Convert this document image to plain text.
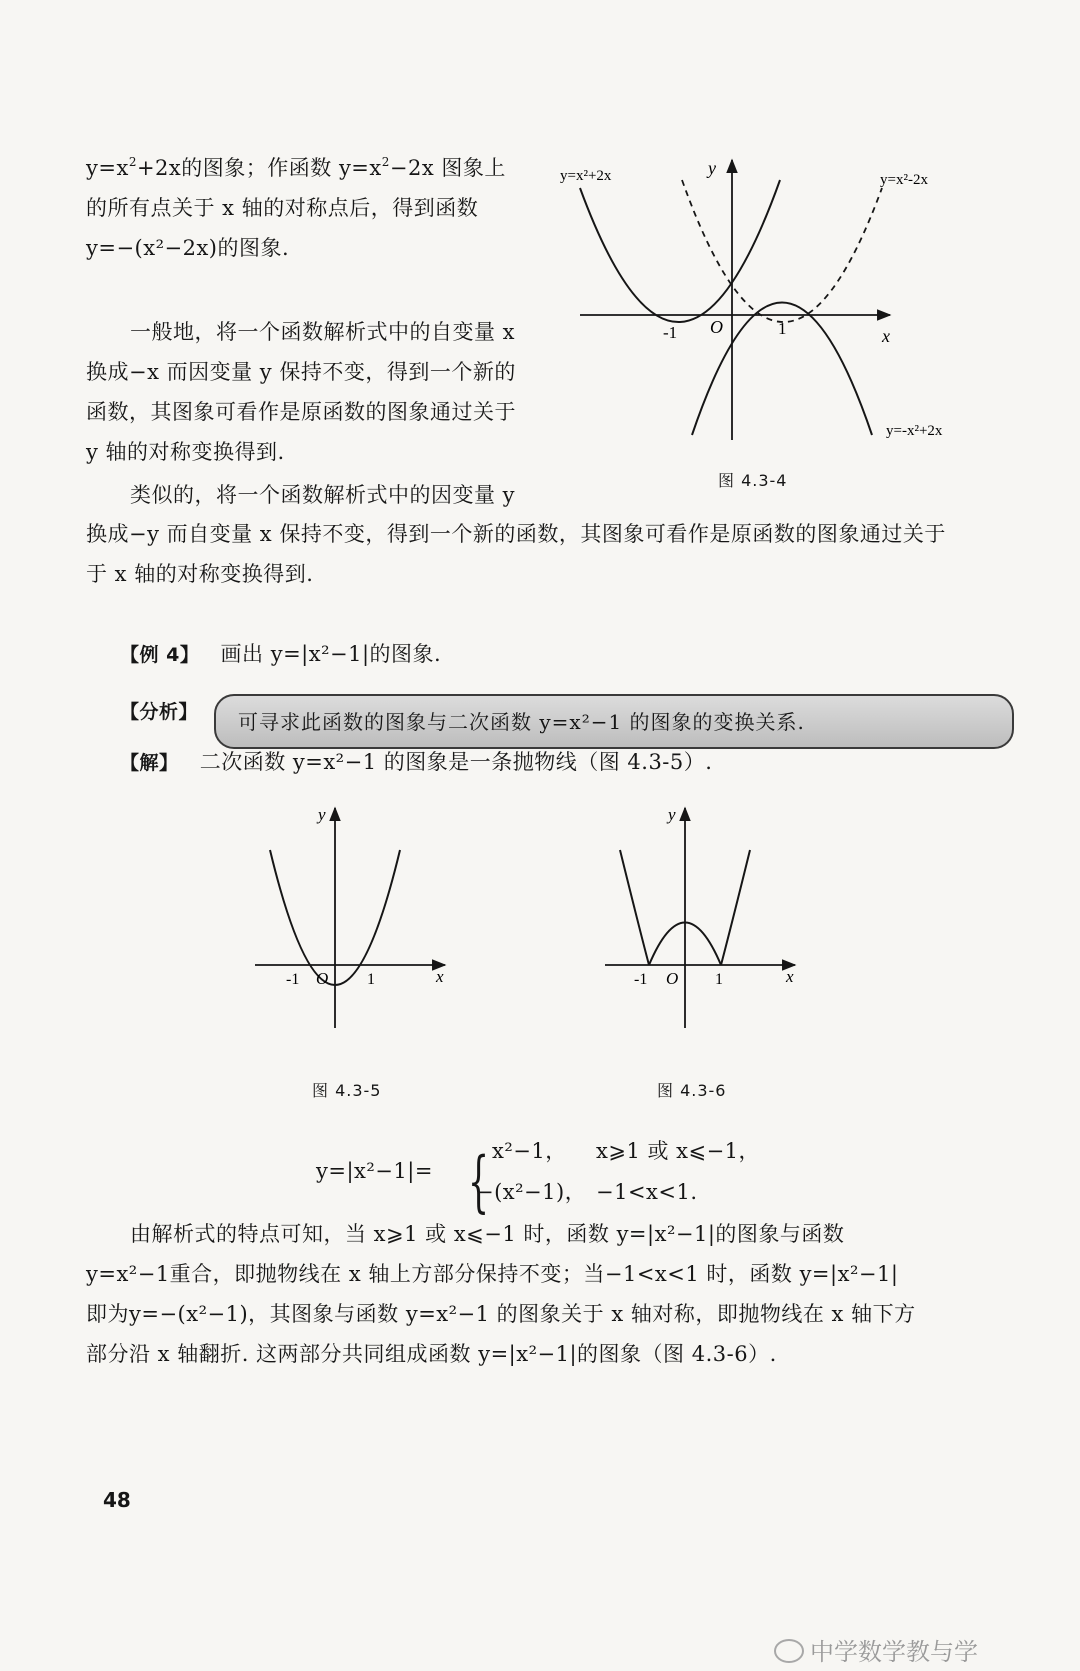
$y=x^2+2x$的图象；作函数 $y=x^2-2x$ 图象上
的所有点关于 x 轴的对称点后，得到函数
y=−(x²−2x)的图象.
一般地，将一个函数解析式中的自变量 x
换成−x 而因变量 y 保持不变，得到一个新的
函数，其图象可看作是原函数的图象通过关于
y 轴的对称变换得到.
类似的，将一个函数解析式中的因变量 y
换成−y 而自变量 x 保持不变，得到一个新的函数，其图象可看作是原函数的图象通过关于
于 x 轴的对称变换得到.
-1 O	1	x
y
y=x²+2x	y=x²-2x
y=-x²+2x
图 4.3-4
【例 4】 画出 y=|x²−1|的图象.
【分析】 可寻求此函数的图象与二次函数 y=x²−1 的图象的变换关系.
【解】 二次函数 y=x²−1 的图象是一条抛物线（图 4.3-5）.
-1 O 1	x
y
图 4.3-5
-1 O 1	x
y
图 4.3-6
y=|x²−1|= { x²−1， x⩾1 或 x⩽−1，
−(x²−1)， −1<x<1.
由解析式的特点可知，当 x⩾1 或 x⩽−1 时，函数 y=|x²−1|的图象与函数
y=x²−1重合，即抛物线在 x 轴上方部分保持不变；当−1<x<1 时，函数 y=|x²−1|
即为y=−(x²−1)，其图象与函数 y=x²−1 的图象关于 x 轴对称，即抛物线在 x 轴下方
部分沿 x 轴翻折. 这两部分共同组成函数 y=|x²−1|的图象（图 4.3-6）.
48
中学数学教与学
